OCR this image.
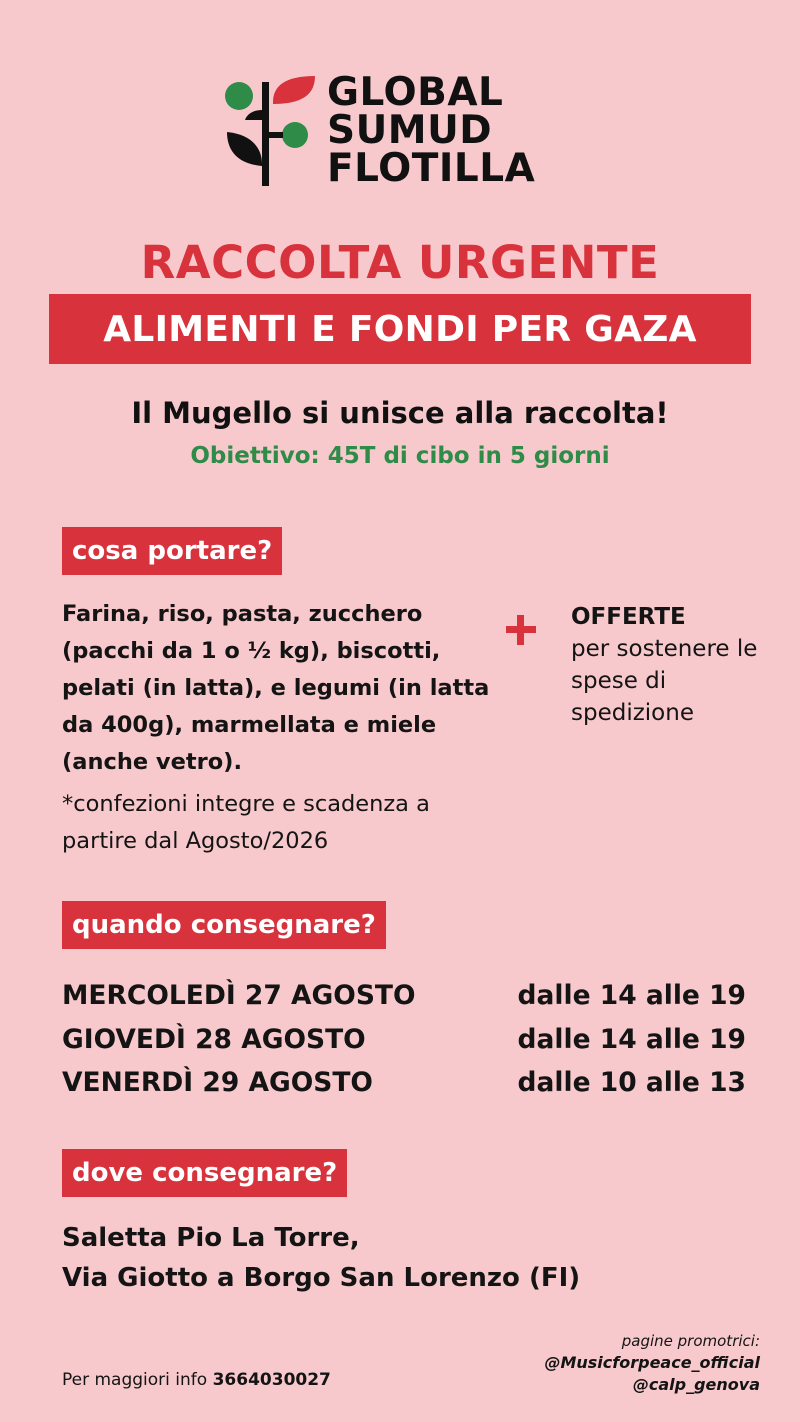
GLOBAL
SUMUD
FLOTILLA
RACCOLTA URGENTE
ALIMENTI E FONDI PER GAZA
Il Mugello si unisce alla raccolta!
Obiettivo: 45T di cibo in 5 giorni
cosa portare?
Farina, riso, pasta, zucchero (pacchi da 1 o ½ kg), biscotti, pelati (in latta), e legumi (in latta da 400g), marmellata e miele (anche vetro).
*confezioni integre e scadenza a partire dal Agosto/2026
OFFERTE
per sostenere le spese di spedizione
quando consegnare?
MERCOLEDÌ 27 AGOSTO	dalle 14 alle 19
GIOVEDÌ 28 AGOSTO	dalle 14 alle 19
VENERDÌ 29 AGOSTO	dalle 10 alle 13
dove consegnare?
Saletta Pio La Torre,
Via Giotto a Borgo San Lorenzo (FI)
Per maggiori info 3664030027
pagine promotrici:
@Musicforpeace_official
@calp_genova
